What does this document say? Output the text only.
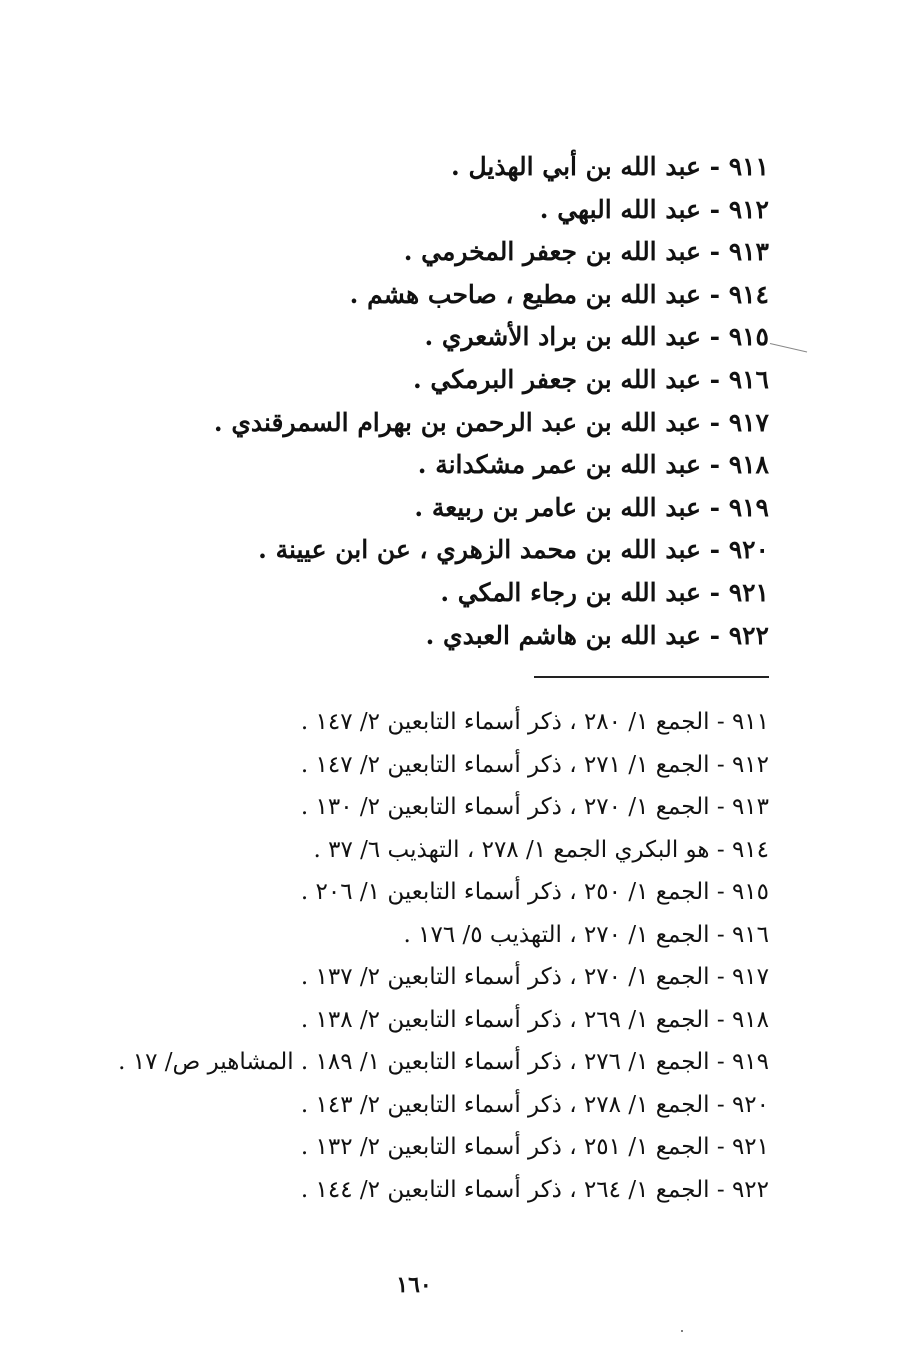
٩١١ - عبد الله بن أبي الهذيل .
٩١٢ - عبد الله البهي .
٩١٣ - عبد الله بن جعفر المخرمي .
٩١٤ - عبد الله بن مطيع ، صاحب هشم .
٩١٥ - عبد الله بن براد الأشعري .
٩١٦ - عبد الله بن جعفر البرمكي .
٩١٧ - عبد الله بن عبد الرحمن بن بهرام السمرقندي .
٩١٨ - عبد الله بن عمر مشكدانة .
٩١٩ - عبد الله بن عامر بن ربيعة .
٩٢٠ - عبد الله بن محمد الزهري ، عن ابن عيينة .
٩٢١ - عبد الله بن رجاء المكي .
٩٢٢ - عبد الله بن هاشم العبدي .
٩١١ - الجمع ١/ ٢٨٠ ، ذكر أسماء التابعين ٢/ ١٤٧ .
٩١٢ - الجمع ١/ ٢٧١ ، ذكر أسماء التابعين ٢/ ١٤٧ .
٩١٣ - الجمع ١/ ٢٧٠ ، ذكر أسماء التابعين ٢/ ١٣٠ .
٩١٤ - هو البكري الجمع ١/ ٢٧٨ ، التهذيب ٦/ ٣٧ .
٩١٥ - الجمع ١/ ٢٥٠ ، ذكر أسماء التابعين ١/ ٢٠٦ .
٩١٦ - الجمع ١/ ٢٧٠ ، التهذيب ٥/ ١٧٦ .
٩١٧ - الجمع ١/ ٢٧٠ ، ذكر أسماء التابعين ٢/ ١٣٧ .
٩١٨ - الجمع ١/ ٢٦٩ ، ذكر أسماء التابعين ٢/ ١٣٨ .
٩١٩ - الجمع ١/ ٢٧٦ ، ذكر أسماء التابعين ١/ ١٨٩ . المشاهير ص/ ١٧ .
٩٢٠ - الجمع ١/ ٢٧٨ ، ذكر أسماء التابعين ٢/ ١٤٣ .
٩٢١ - الجمع ١/ ٢٥١ ، ذكر أسماء التابعين ٢/ ١٣٢ .
٩٢٢ - الجمع ١/ ٢٦٤ ، ذكر أسماء التابعين ٢/ ١٤٤ .
١٦٠
